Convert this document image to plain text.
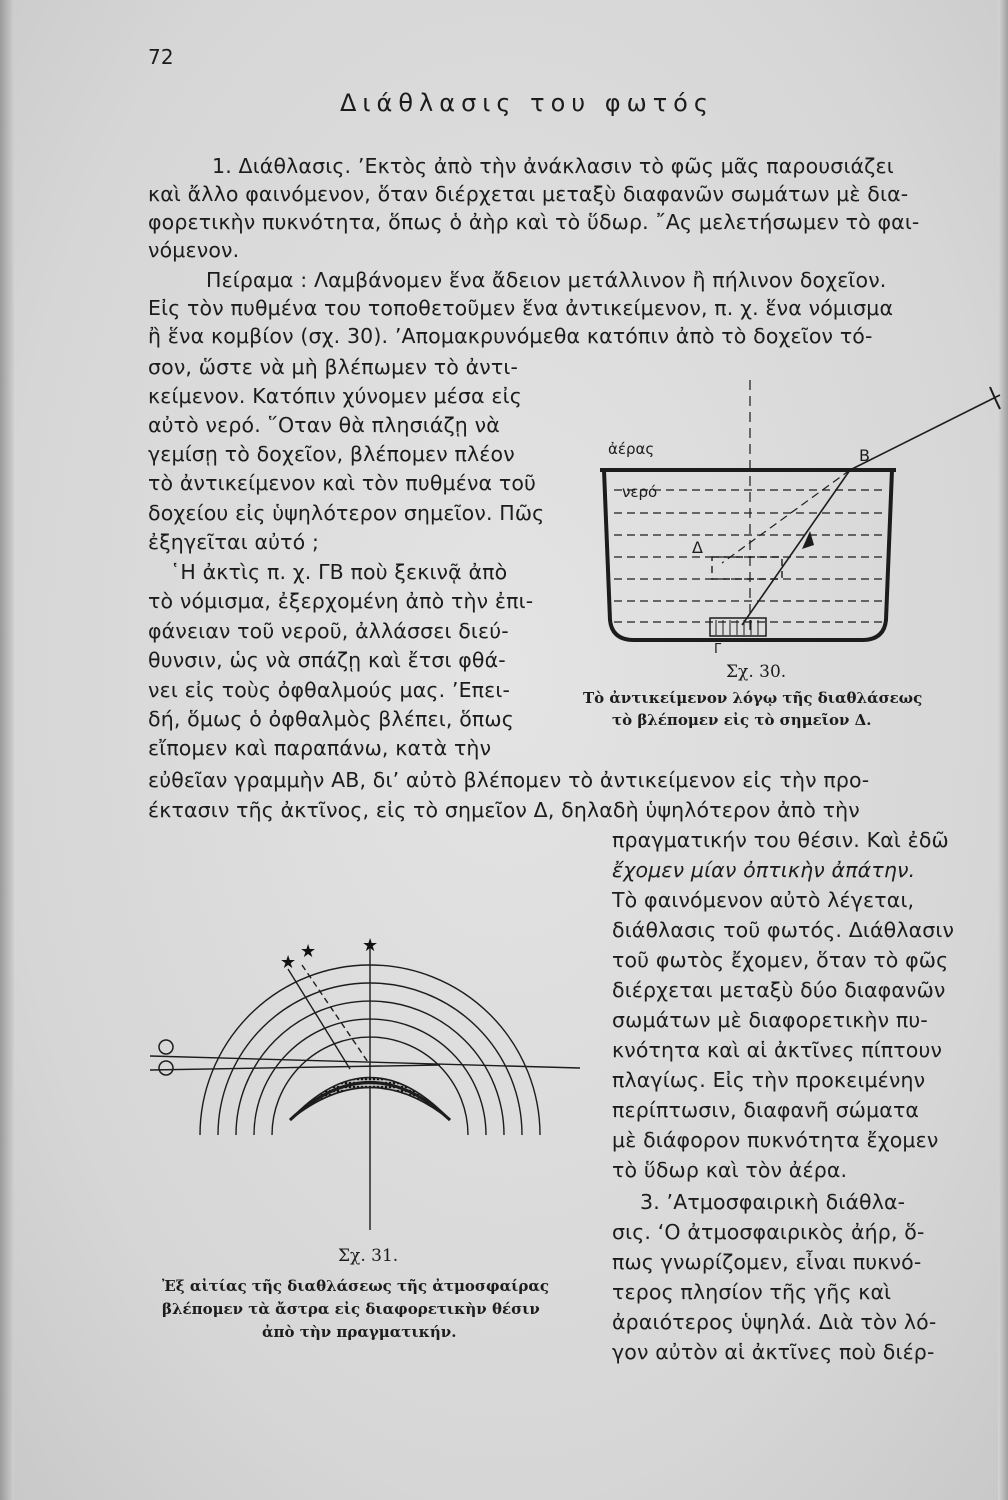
72
Διάθλασις του φωτός
1. Διάθλασις. ’Εκτὸς ἀπὸ τὴν ἀνάκλασιν τὸ φῶς μᾶς παρουσιάζει
καὶ ἄλλο φαινόμενον, ὅταν διέρχεται μεταξὺ διαφανῶν σωμάτων μὲ δια-
φορετικὴν πυκνότητα, ὅπως ὁ ἀὴρ καὶ τὸ ὕδωρ. ῎Ας μελετήσωμεν τὸ φαι-
νόμενον.
Πείραμα : Λαμβάνομεν ἕνα ἄδειον μετάλλινον ἢ πήλινον δοχεῖον.
Εἰς τὸν πυθμένα του τοποθετοῦμεν ἕνα ἀντικείμενον, π. χ. ἕνα νόμισμα
ἢ ἕνα κομβίον (σχ. 30). ’Απομακρυνόμεθα κατόπιν ἀπὸ τὸ δοχεῖον τό-
σον, ὥστε νὰ μὴ βλέπωμεν τὸ ἀντι-
κείμενον. Κατόπιν χύνομεν μέσα εἰς
αὐτὸ νερό. ῞Οταν θὰ πλησιάζῃ νὰ
γεμίσῃ τὸ δοχεῖον, βλέπομεν πλέον
τὸ ἀντικείμενον καὶ τὸν πυθμένα τοῦ
δοχείου εἰς ὑψηλότερον σημεῖον. Πῶς
ἐξηγεῖται αὐτό ;
῾Η ἀκτὶς π. χ. ΓΒ ποὺ ξεκινᾷ ἀπὸ
τὸ νόμισμα, ἐξερχομένη ἀπὸ τὴν ἐπι-
φάνειαν τοῦ νεροῦ, ἀλλάσσει διεύ-
θυνσιν, ὡς νὰ σπάζῃ καὶ ἔτσι φθά-
νει εἰς τοὺς ὀφθαλμούς μας. ’Επει-
δή, ὅμως ὁ ὀφθαλμὸς βλέπει, ὅπως
εἴπομεν καὶ παραπάνω, κατὰ τὴν
ἀέρας
νερό
Β
Δ
Γ
Σχ. 30.
Τὸ ἀντικείμενον λόγῳ τῆς διαθλάσεως
τὸ βλέπομεν εἰς τὸ σημεῖον Δ.
εὐθεῖαν γραμμὴν ΑΒ, δι’ αὐτὸ βλέπομεν τὸ ἀντικείμενον εἰς τὴν προ-
έκτασιν τῆς ἀκτῖνος, εἰς τὸ σημεῖον Δ, δηλαδὴ ὑψηλότερον ἀπὸ τὴν
πραγματικήν του θέσιν. Καὶ ἐδῶ
ἔχομεν μίαν ὀπτικὴν ἀπάτην.
Τὸ φαινόμενον αὐτὸ λέγεται,
διάθλασις τοῦ φωτός. Διάθλασιν
τοῦ φωτὸς ἔχομεν, ὅταν τὸ φῶς
διέρχεται μεταξὺ δύο διαφανῶν
σωμάτων μὲ διαφορετικὴν πυ-
κνότητα καὶ αἱ ἀκτῖνες πίπτουν
πλαγίως. Εἰς τὴν προκειμένην
περίπτωσιν, διαφανῆ σώματα
μὲ διάφορον πυκνότητα ἔχομεν
τὸ ὕδωρ καὶ τὸν ἀέρα.
3. ’Ατμοσφαιρικὴ διάθλα-
σις. ‘Ο ἀτμοσφαιρικὸς ἀήρ, ὅ-
πως γνωρίζομεν, εἶναι πυκνό-
τερος πλησίον τῆς γῆς καὶ
ἀραιότερος ὑψηλά. Διὰ τὸν λό-
γον αὐτὸν αἱ ἀκτῖνες ποὺ διέρ-
★
★	★
Σχ. 31.
Ἐξ αἰτίας τῆς διαθλάσεως τῆς ἀτμοσφαίρας
βλέπομεν τὰ ἄστρα εἰς διαφορετικὴν θέσιν
ἀπὸ τὴν πραγματικήν.
